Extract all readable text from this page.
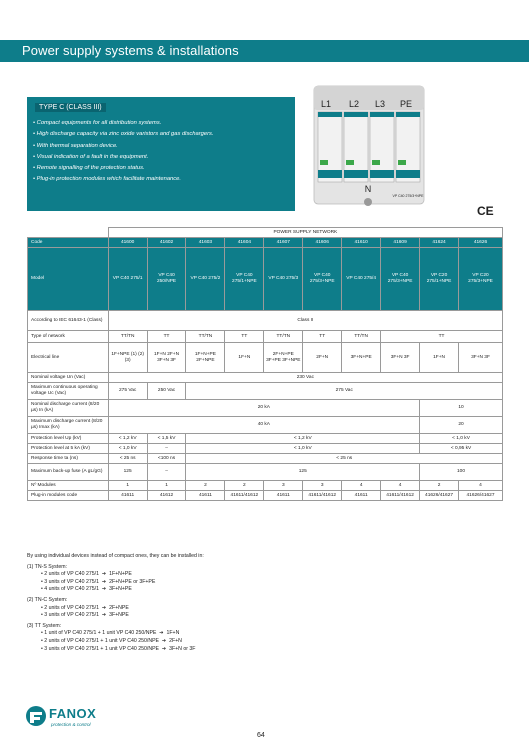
Power supply systems & installations
TYPE C (CLASS III)
• Compact equipments for all distribution systems.
• High discharge capacity via zinc oxide varistors and gas dischargers.
• With thermal separation device.
• Visual indication of a fault in the equipment.
• Remote signalling of the protection status.
• Plug-in protection modules which facilitate maintenance.
L1 L2 L3 PE
VP C40 275/3+NPE
N
CE
	POWER SUPPLY NETWORK									
Code	41600	41602	41603	41604	41607	41606	41610	41609	41624	41626
Model	VP C40 275/1	VP C40 250/NPE	VP C40 275/2	VP C40 275/1+NPE	VP C40 275/3	VP C40 275/3+NPE	VP C40 275/4	VP C40 275/3+NPE	VP C20 275/1+NPE	VP C20 275/3+NPE
According to IEC 61643-1 (Class)	Class II									
Type of network	TT/TN	TT	TT/TN	TT	TT/TN	TT	TT/TN	TT		
Electrical line	1F+NPE (1) (2) (3)	1F+N 2F+N 3F+N 3F	1F+N+PE 2F+NPE	1F+N	2F+N+PE 3F+PE 3F+NPE	2F+N	3F+N+PE	3F+N 3F	1F+N	3F+N 3F
Nominal voltage Un (Vac)	230 Vac									
Maximum continuous operating voltage Uc (Vac)	275 Vac	250 Vac	275 Vac							
Nominal discharge current (8/20 µs) In (kA)	20 kA								10	
Maximum discharge current (8/20 µs) Imax (kA)	40 kA								20	
Protection level Up (kV)	< 1,2 kV	< 1,5 kV	< 1,2 kV						< 1,0 kV	
Protection level at 5 kA (kV)	< 1,0 kV	–	< 1,0 kV						< 0,95 kV	
Response time ta (ns)	< 25 ns	<100 ns	< 25 ns							
Maximum back-up fuse (A gL/gG)	125	–	125						100	
Nº Modules	1	1	2	2	3	3	4	4	2	4
Plug-in modules code	41611	41612	41611	41611/41612	41611	41611/41612	41611	41611/41612	41626/41627	41626/41627
By using individual devices instead of compact ones, they can be installed in:
(1) TN-S System:
• 2 units of VP C40 275/1  ➔  1F+N+PE
• 3 units of VP C40 275/1  ➔  2F+N+PE or 3F+PE
• 4 units of VP C40 275/1  ➔  3F+N+PE
(2) TN-C System:
• 2 units of VP C40 275/1  ➔  2F+NPE
• 3 units of VP C40 275/1  ➔  3F+NPE
(3) TT System:
• 1 unit of VP C40 275/1 + 1 unit VP C40 250/NPE  ➔  1F+N
• 2 units of VP C40 275/1 + 1 unit VP C40 250/NPE  ➔  2F+N
• 3 units of VP C40 275/1 + 1 unit VP C40 250/NPE  ➔  3F+N or 3F
FANOX
protection & control
64
